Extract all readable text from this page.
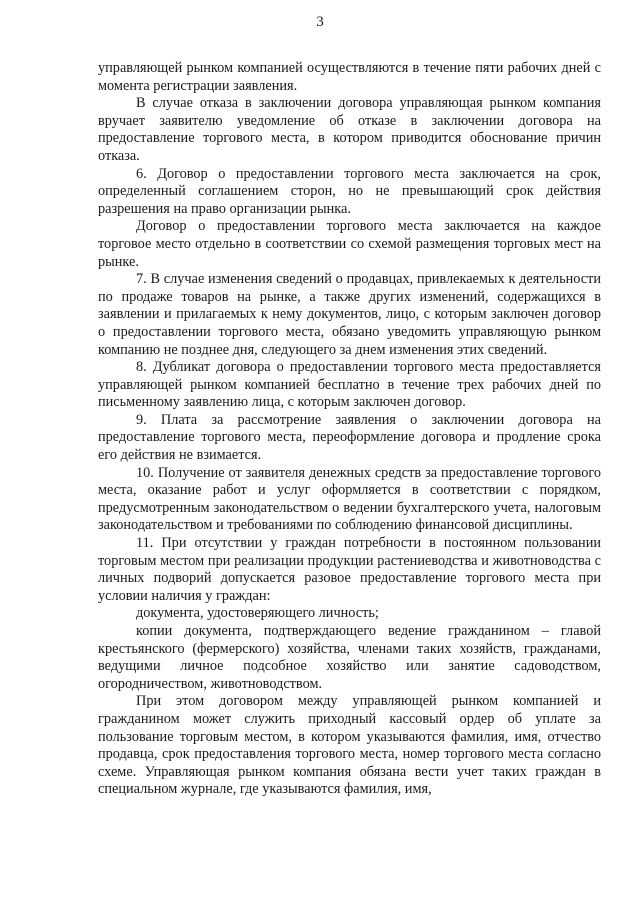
3

управляющей рынком компанией осуществляются в течение пяти рабочих дней с момента регистрации заявления.

В случае отказа в заключении договора управляющая рынком компания вручает заявителю уведомление об отказе в заключении договора на предоставление торгового места, в котором приводится обоснование причин отказа.

6. Договор о предоставлении торгового места заключается на срок, определенный соглашением сторон, но не превышающий срок действия разрешения на право организации рынка.

Договор о предоставлении торгового места заключается на каждое торговое место отдельно в соответствии со схемой размещения торговых мест на рынке.

7. В случае изменения сведений о продавцах, привлекаемых к деятельности по продаже товаров на рынке, а также других изменений, содержащихся в заявлении и прилагаемых к нему документов, лицо, с которым заключен договор о предоставлении торгового места, обязано уведомить управляющую рынком компанию не позднее дня, следующего за днем изменения этих сведений.

8. Дубликат договора о предоставлении торгового места предоставляется управляющей рынком компанией бесплатно в течение трех рабочих дней по письменному заявлению лица, с которым заключен договор.

9. Плата за рассмотрение заявления о заключении договора на предоставление торгового места, переоформление договора и продление срока его действия не взимается.

10. Получение от заявителя денежных средств за предоставление торгового места, оказание работ и услуг оформляется в соответствии с порядком, предусмотренным законодательством о ведении бухгалтерского учета, налоговым законодательством и требованиями по соблюдению финансовой дисциплины.

11. При отсутствии у граждан потребности в постоянном пользовании торговым местом при реализации продукции растениеводства и животноводства с личных подворий допускается разовое предоставление торгового места при условии наличия у граждан:

документа, удостоверяющего личность;

копии документа, подтверждающего ведение гражданином – главой крестьянского (фермерского) хозяйства, членами таких хозяйств, гражданами, ведущими личное подсобное хозяйство или занятие садоводством, огородничеством, животноводством.

При этом договором между управляющей рынком компанией и гражданином может служить приходный кассовый ордер об уплате за пользование торговым местом, в котором указываются фамилия, имя, отчество продавца, срок предоставления торгового места, номер торгового места согласно схеме. Управляющая рынком компания обязана вести учет таких граждан в специальном журнале, где указываются фамилия, имя,
